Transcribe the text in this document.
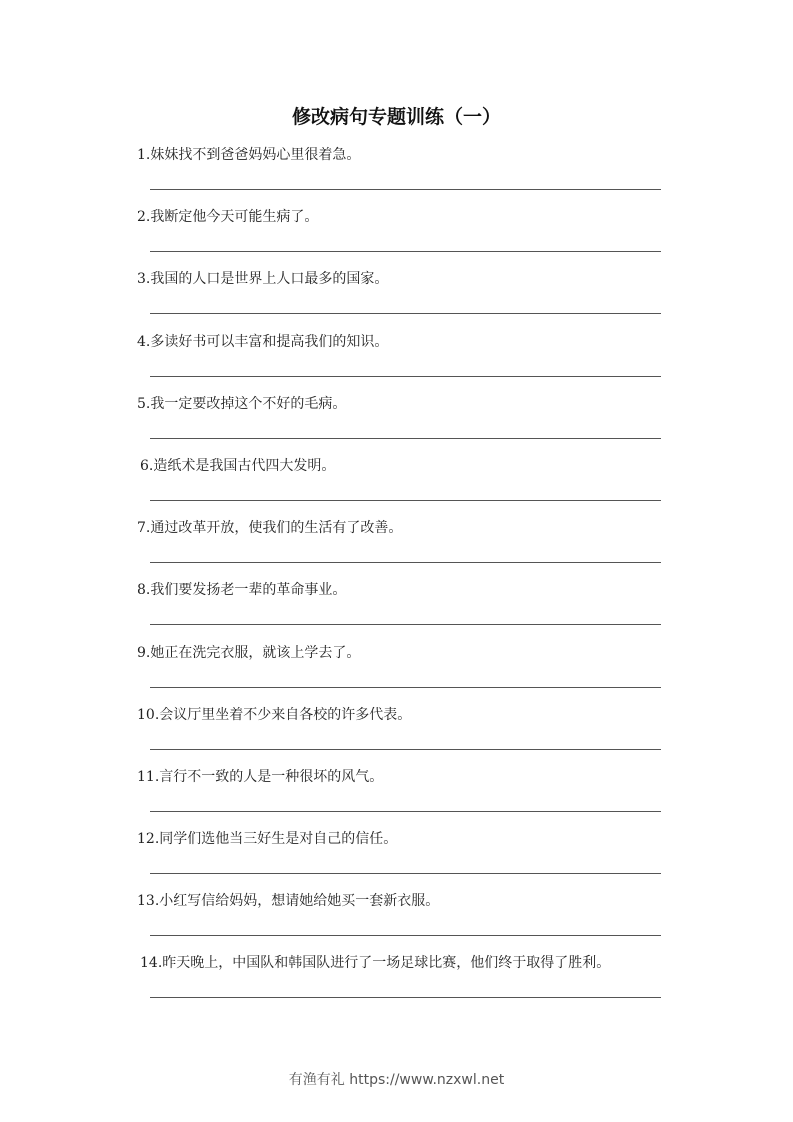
修改病句专题训练（一）
1.妹妹找不到爸爸妈妈心里很着急。
2.我断定他今天可能生病了。
3.我国的人口是世界上人口最多的国家。
4.多读好书可以丰富和提高我们的知识。
5.我一定要改掉这个不好的毛病。
6.造纸术是我国古代四大发明。
7.通过改革开放，使我们的生活有了改善。
8.我们要发扬老一辈的革命事业。
9.她正在洗完衣服，就该上学去了。
10.会议厅里坐着不少来自各校的许多代表。
11.言行不一致的人是一种很坏的风气。
12.同学们选他当三好生是对自己的信任。
13.小红写信给妈妈，想请她给她买一套新衣服。
14.昨天晚上，中国队和韩国队进行了一场足球比赛，他们终于取得了胜利。
有渔有礼 https://www.nzxwl.net
